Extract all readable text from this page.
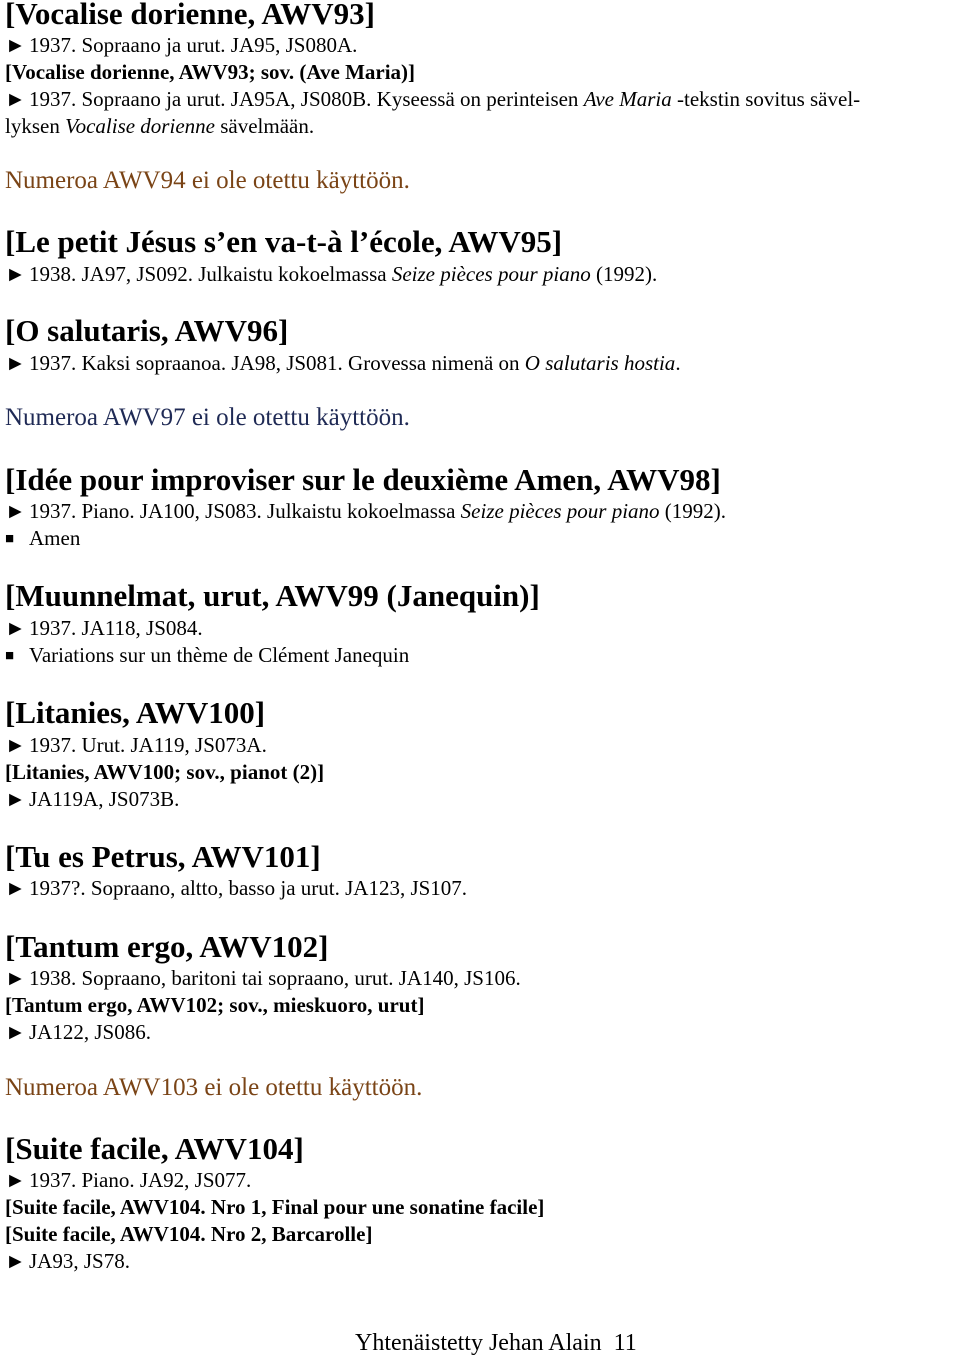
[Vocalise dorienne, AWV93]
► 1937. Sopraano ja urut. JA95, JS080A.
[Vocalise dorienne, AWV93; sov. (Ave Maria)]
► 1937. Sopraano ja urut. JA95A, JS080B. Kyseessä on perinteisen Ave Maria -tekstin sovitus sävel-
lyksen Vocalise dorienne sävelmään.
Numeroa AWV94 ei ole otettu käyttöön.
[Le petit Jésus s’en va-t-à l’école, AWV95]
► 1938. JA97, JS092. Julkaistu kokoelmassa Seize pièces pour piano (1992).
[O salutaris, AWV96]
► 1937. Kaksi sopraanoa. JA98, JS081. Grovessa nimenä on O salutaris hostia.
Numeroa AWV97 ei ole otettu käyttöön.
[Idée pour improviser sur le deuxième Amen, AWV98]
► 1937. Piano. JA100, JS083. Julkaistu kokoelmassa Seize pièces pour piano (1992).
■ Amen
[Muunnelmat, urut, AWV99 (Janequin)]
► 1937. JA118, JS084.
■ Variations sur un thème de Clément Janequin
[Litanies, AWV100]
► 1937. Urut. JA119, JS073A.
[Litanies, AWV100; sov., pianot (2)]
► JA119A, JS073B.
[Tu es Petrus, AWV101]
► 1937?. Sopraano, altto, basso ja urut. JA123, JS107.
[Tantum ergo, AWV102]
► 1938. Sopraano, baritoni tai sopraano, urut. JA140, JS106.
[Tantum ergo, AWV102; sov., mieskuoro, urut]
► JA122, JS086.
Numeroa AWV103 ei ole otettu käyttöön.
[Suite facile, AWV104]
► 1937. Piano. JA92, JS077.
[Suite facile, AWV104. Nro 1, Final pour une sonatine facile]
[Suite facile, AWV104. Nro 2, Barcarolle]
► JA93, JS78.
Yhtenäistetty Jehan Alain 11
